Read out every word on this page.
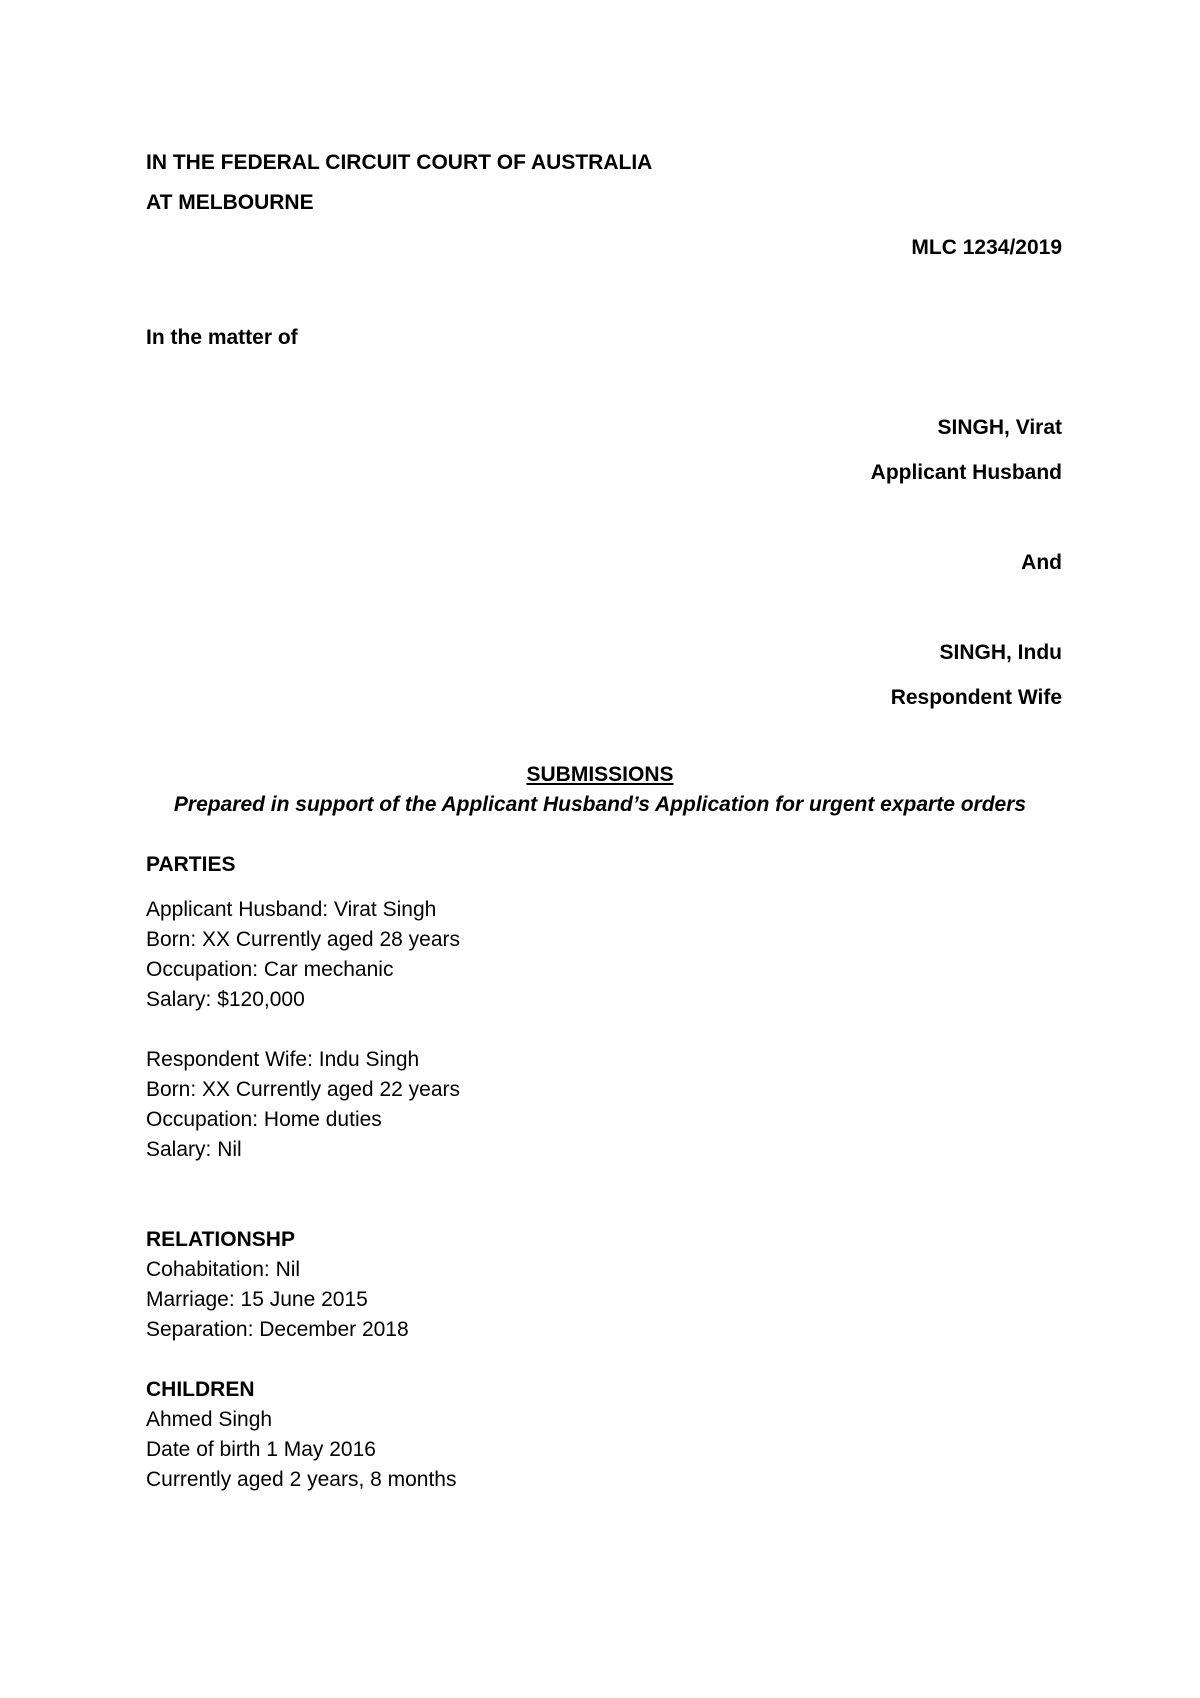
IN THE FEDERAL CIRCUIT COURT OF AUSTRALIA
AT MELBOURNE
MLC 1234/2019
In the matter of
SINGH, Virat
Applicant Husband
And
SINGH, Indu
Respondent Wife
SUBMISSIONS
Prepared in support of the Applicant Husband’s Application for urgent exparte orders
PARTIES
Applicant Husband: Virat Singh
Born: XX Currently aged 28 years
Occupation: Car mechanic
Salary: $120,000
Respondent Wife: Indu Singh
Born: XX Currently aged 22 years
Occupation: Home duties
Salary: Nil
RELATIONSHP
Cohabitation: Nil
Marriage: 15 June 2015
Separation: December 2018
CHILDREN
Ahmed Singh
Date of birth 1 May 2016
Currently aged 2 years, 8 months
